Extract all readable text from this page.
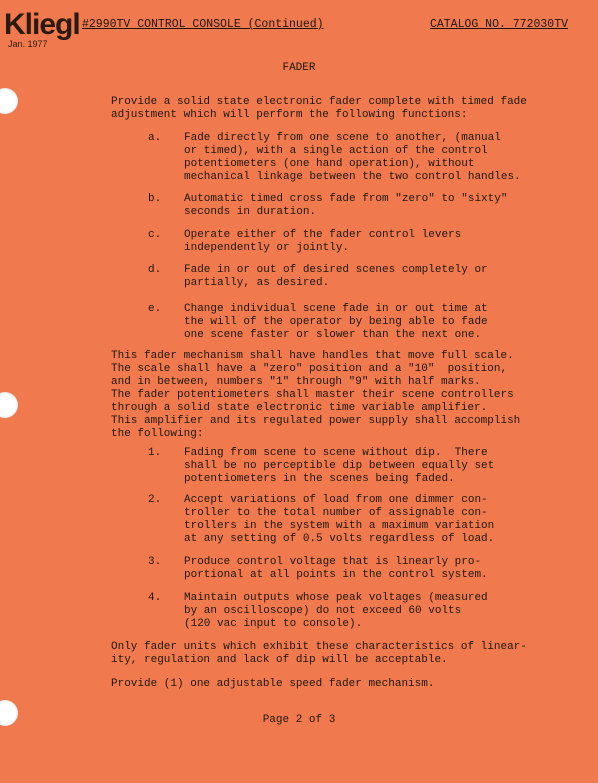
Kliegl
Jan. 1977
#2990TV CONTROL CONSOLE (Continued)	CATALOG NO. 772030TV
FADER
Provide a solid state electronic fader complete with timed fade
adjustment which will perform the following functions:
a. Fade directly from one scene to another, (manual
or timed), with a single action of the control
potentiometers (one hand operation), without
mechanical linkage between the two control handles.
b. Automatic timed cross fade from "zero" to "sixty"
seconds in duration.
c. Operate either of the fader control levers
independently or jointly.
d. Fade in or out of desired scenes completely or
partially, as desired.
e. Change individual scene fade in or out time at
the will of the operator by being able to fade
one scene faster or slower than the next one.
This fader mechanism shall have handles that move full scale.
The scale shall have a "zero" position and a "10"  position,
and in between, numbers "1" through "9" with half marks.
The fader potentiometers shall master their scene controllers
through a solid state electronic time variable amplifier.
This amplifier and its regulated power supply shall accomplish
the following:
1. Fading from scene to scene without dip.  There
shall be no perceptible dip between equally set
potentiometers in the scenes being faded.
2. Accept variations of load from one dimmer con-
troller to the total number of assignable con-
trollers in the system with a maximum variation
at any setting of 0.5 volts regardless of load.
3. Produce control voltage that is linearly pro-
portional at all points in the control system.
4. Maintain outputs whose peak voltages (measured
by an oscilloscope) do not exceed 60 volts
(120 vac input to console).
Only fader units which exhibit these characteristics of linear-
ity, regulation and lack of dip will be acceptable.
Provide (1) one adjustable speed fader mechanism.
Page 2 of 3
